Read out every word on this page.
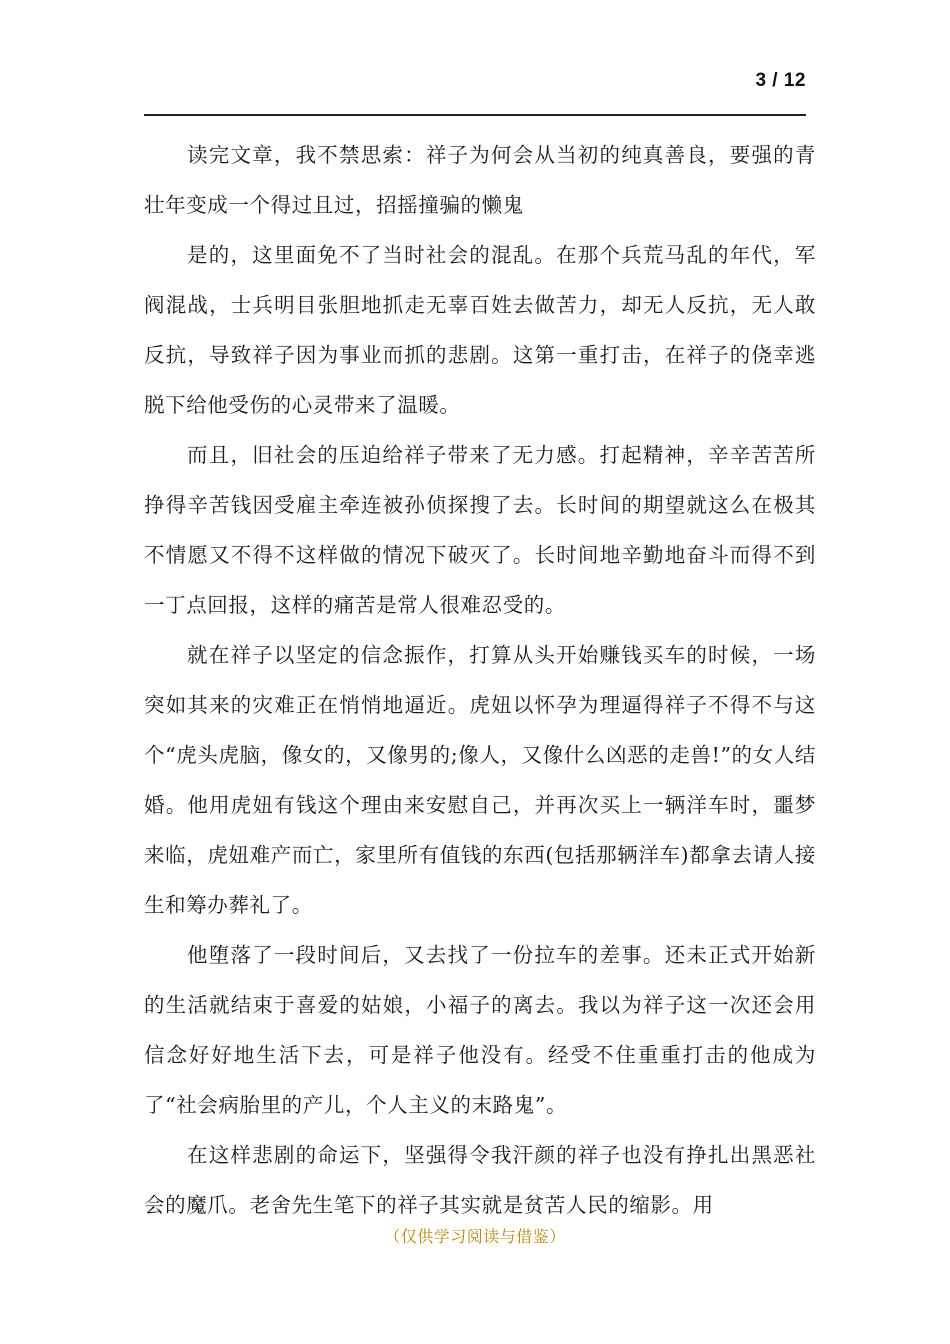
3 / 12

读完文章，我不禁思索：祥子为何会从当初的纯真善良，要强的青壮年变成一个得过且过，招摇撞骗的懒鬼

是的，这里面免不了当时社会的混乱。在那个兵荒马乱的年代，军阀混战，士兵明目张胆地抓走无辜百姓去做苦力，却无人反抗，无人敢反抗，导致祥子因为事业而抓的悲剧。这第一重打击，在祥子的侥幸逃脱下给他受伤的心灵带来了温暖。

而且，旧社会的压迫给祥子带来了无力感。打起精神，辛辛苦苦所挣得辛苦钱因受雇主牵连被孙侦探搜了去。长时间的期望就这么在极其不情愿又不得不这样做的情况下破灭了。长时间地辛勤地奋斗而得不到一丁点回报，这样的痛苦是常人很难忍受的。

就在祥子以坚定的信念振作，打算从头开始赚钱买车的时候，一场突如其来的灾难正在悄悄地逼近。虎妞以怀孕为理逼得祥子不得不与这个“虎头虎脑，像女的，又像男的;像人，又像什么凶恶的走兽!”的女人结婚。他用虎妞有钱这个理由来安慰自己，并再次买上一辆洋车时，噩梦来临，虎妞难产而亡，家里所有值钱的东西(包括那辆洋车)都拿去请人接生和筹办葬礼了。

他堕落了一段时间后，又去找了一份拉车的差事。还未正式开始新的生活就结束于喜爱的姑娘，小福子的离去。我以为祥子这一次还会用信念好好地生活下去，可是祥子他没有。经受不住重重打击的他成为了“社会病胎里的产儿，个人主义的末路鬼”。

在这样悲剧的命运下，坚强得令我汗颜的祥子也没有挣扎出黑恶社会的魔爪。老舍先生笔下的祥子其实就是贫苦人民的缩影。用

（仅供学习阅读与借鉴）
